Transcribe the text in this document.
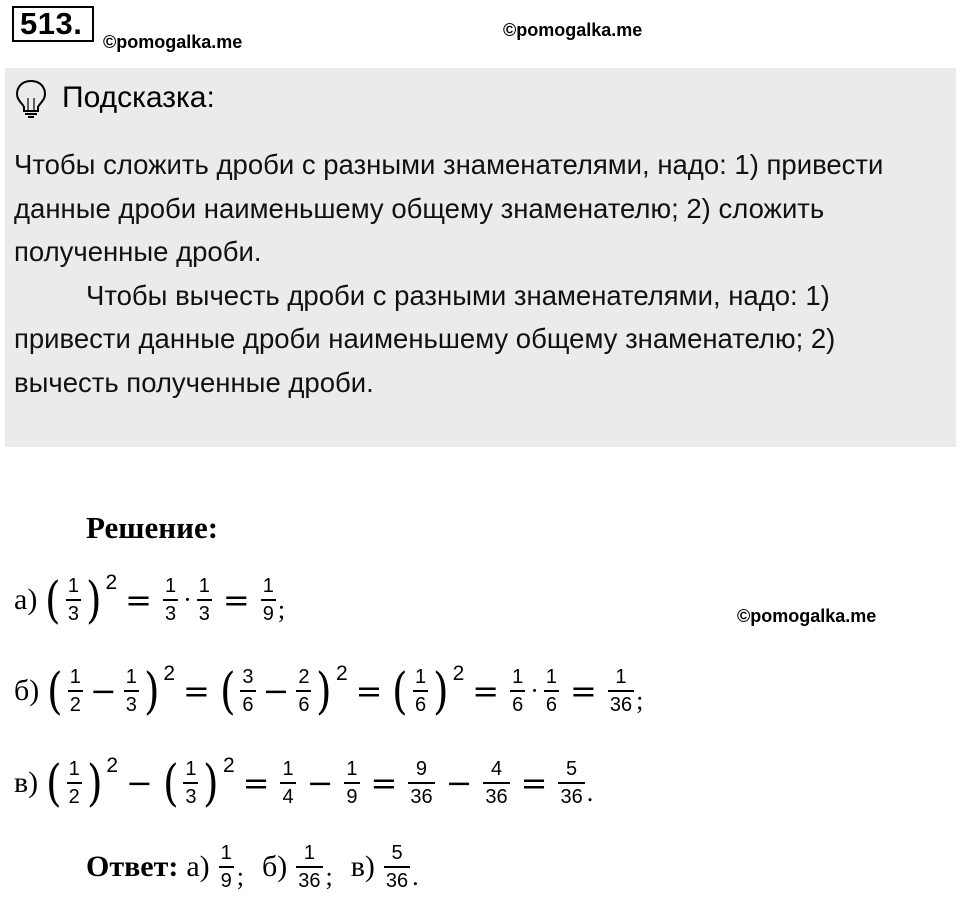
513.
©pomogalka.me
©pomogalka.me
Подсказка:

Чтобы сложить дроби с разными знаменателями, надо: 1) привести данные дроби наименьшему общему знаменателю; 2) сложить полученные дроби.

Чтобы вычесть дроби с разными знаменателями, надо: 1) привести данные дроби наименьшему общему знаменателю; 2) вычесть полученные дроби.

Решение:
©pomogalka.me
а) ( $\frac{1}{3}$ ) $2 = \frac{1}{3} \cdot \frac{1}{3} = \frac{1}{9}$ ;
б) ( $\frac{1}{2} - \frac{1}{3}$ ) 2 = ( $\frac{3}{6} - \frac{2}{6}$ ) 2 = ( $\frac{1}{6}$ ) $2 = \frac{1}{6} \cdot \frac{1}{6} = \frac{1}{36}$ ;
в) ( $\frac{1}{2}$ ) 2 − ( $\frac{1}{3}$ ) $2 = \frac{1}{4} - \frac{1}{9} = \frac{9}{36} - \frac{4}{36} = \frac{5}{36}$ .
Ответ: $а) \frac{1}{9}$ ; $б) \frac{1}{36}$ ; $в) \frac{5}{36}$ .
